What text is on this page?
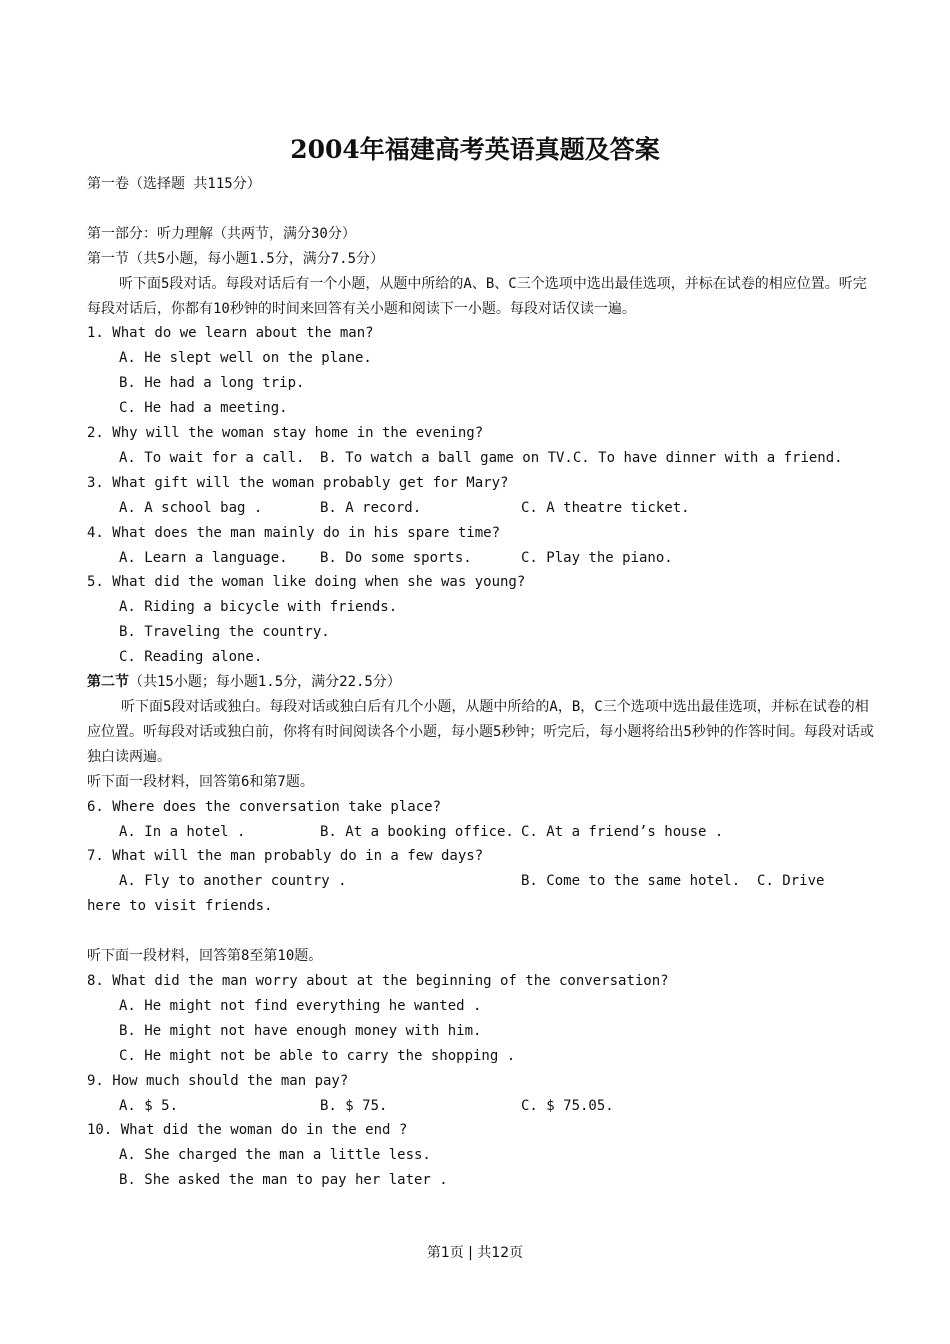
2004年福建高考英语真题及答案
第一卷（选择题 共115分）
第一部分：听力理解（共两节，满分30分）
第一节（共5小题，每小题1.5分，满分7.5分）
听下面5段对话。每段对话后有一个小题，从题中所给的A、B、C三个选项中选出最佳选项，并标在试卷的相应位置。听完每段对话后，你都有10秒钟的时间来回答有关小题和阅读下一小题。每段对话仅读一遍。
1. What do we learn about the man?
A. He slept well on the plane.
B. He had a long trip.
C. He had a meeting.
2. Why will the woman stay home in the evening?
A. To wait for a call.	B. To watch a ball game on TV. C. To have dinner with a friend.
3. What gift will the woman probably get for Mary?
A. A school bag .	B. A record.	C. A theatre ticket.
4. What does the man mainly do in his spare time?
A. Learn a language.	B. Do some sports.	C. Play the piano.
5. What did the woman like doing when she was young?
A. Riding a bicycle with friends.
B. Traveling the country.
C. Reading alone.
第二节（共15小题；每小题1.5分，满分22.5分）
听下面5段对话或独白。每段对话或独白后有几个小题，从题中所给的A，B，C三个选项中选出最佳选项，并标在试卷的相应位置。听每段对话或独白前，你将有时间阅读各个小题，每小题5秒钟；听完后，每小题将给出5秒钟的作答时间。每段对话或独白读两遍。
听下面一段材料，回答第6和第7题。
6. Where does the conversation take place?
A. In a hotel .	B. At a booking office. C. At a friend’s house .
7. What will the man probably do in a few days?
A. Fly to another country .	B. Come to the same hotel.	C. Drive
here to visit friends.
听下面一段材料，回答第8至第10题。
8. What did the man worry about at the beginning of the conversation?
A. He might not find everything he wanted .
B. He might not have enough money with him.
C. He might not be able to carry the shopping .
9. How much should the man pay?
A. $ 5.	B. $ 75.	C. $ 75.05.
10. What did the woman do in the end ?
A. She charged the man a little less.
B. She asked the man to pay her later .
第1页 | 共12页
